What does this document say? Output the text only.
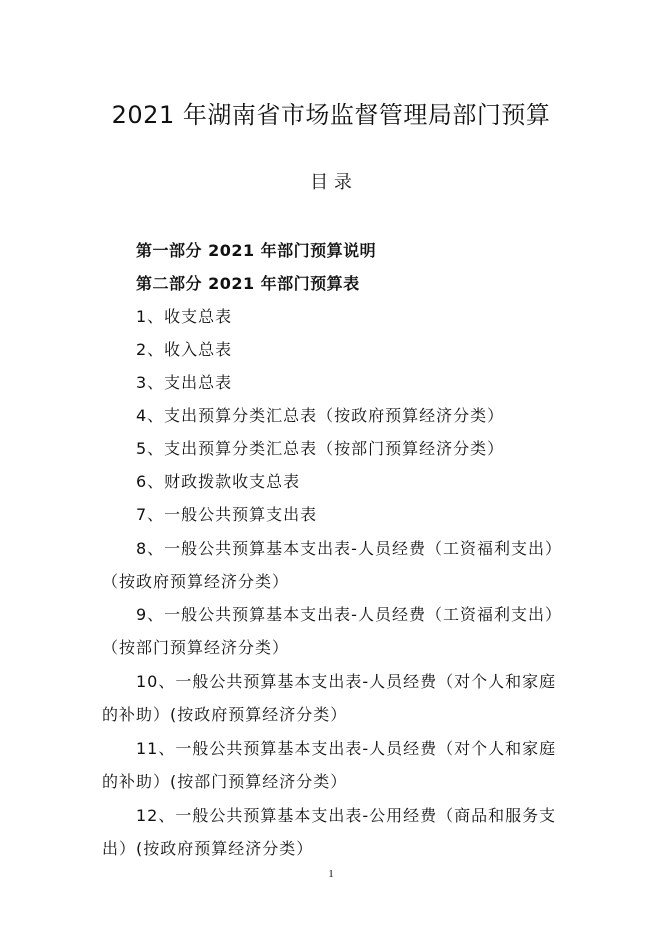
2021 年湖南省市场监督管理局部门预算
目 录
第一部分 2021 年部门预算说明
第二部分 2021 年部门预算表
1、收支总表
2、收入总表
3、支出总表
4、支出预算分类汇总表（按政府预算经济分类）
5、支出预算分类汇总表（按部门预算经济分类）
6、财政拨款收支总表
7、一般公共预算支出表
8、一般公共预算基本支出表-人员经费（工资福利支出）
（按政府预算经济分类）
9、一般公共预算基本支出表-人员经费（工资福利支出）
（按部门预算经济分类）
10、一般公共预算基本支出表-人员经费（对个人和家庭
的补助）(按政府预算经济分类）
11、一般公共预算基本支出表-人员经费（对个人和家庭
的补助）(按部门预算经济分类）
12、一般公共预算基本支出表-公用经费（商品和服务支
出）(按政府预算经济分类）
1
